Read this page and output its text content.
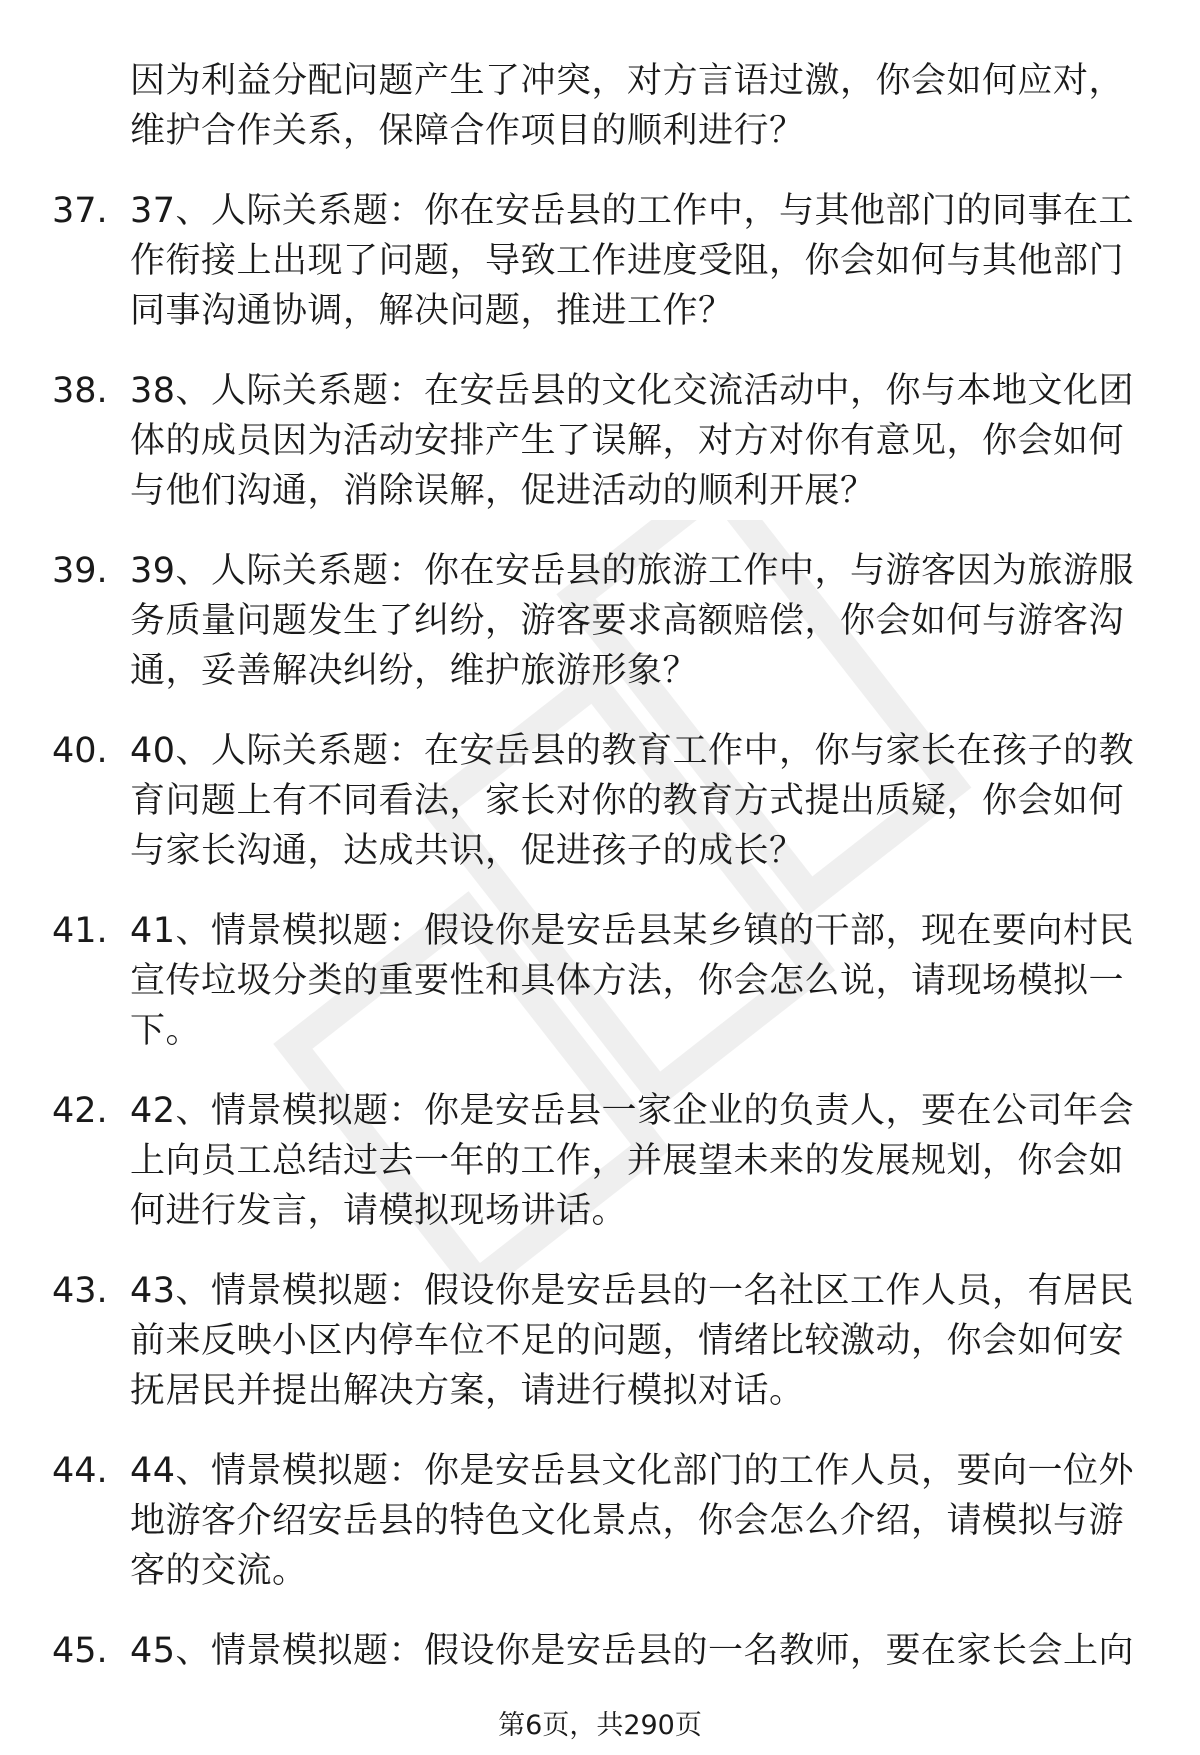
因为利益分配问题产生了冲突，对方言语过激，你会如何应对，维护合作关系，保障合作项目的顺利进行？
37. 37、人际关系题：你在安岳县的工作中，与其他部门的同事在工作衔接上出现了问题，导致工作进度受阻，你会如何与其他部门同事沟通协调，解决问题，推进工作？
38. 38、人际关系题：在安岳县的文化交流活动中，你与本地文化团体的成员因为活动安排产生了误解，对方对你有意见，你会如何与他们沟通，消除误解，促进活动的顺利开展？
39. 39、人际关系题：你在安岳县的旅游工作中，与游客因为旅游服务质量问题发生了纠纷，游客要求高额赔偿，你会如何与游客沟通，妥善解决纠纷，维护旅游形象？
40. 40、人际关系题：在安岳县的教育工作中，你与家长在孩子的教育问题上有不同看法，家长对你的教育方式提出质疑，你会如何与家长沟通，达成共识，促进孩子的成长？
41. 41、情景模拟题：假设你是安岳县某乡镇的干部，现在要向村民宣传垃圾分类的重要性和具体方法，你会怎么说，请现场模拟一下。
42. 42、情景模拟题：你是安岳县一家企业的负责人，要在公司年会上向员工总结过去一年的工作，并展望未来的发展规划，你会如何进行发言，请模拟现场讲话。
43. 43、情景模拟题：假设你是安岳县的一名社区工作人员，有居民前来反映小区内停车位不足的问题，情绪比较激动，你会如何安抚居民并提出解决方案，请进行模拟对话。
44. 44、情景模拟题：你是安岳县文化部门的工作人员，要向一位外地游客介绍安岳县的特色文化景点，你会怎么介绍，请模拟与游客的交流。
45. 45、情景模拟题：假设你是安岳县的一名教师，要在家长会上向
第6页，共290页
